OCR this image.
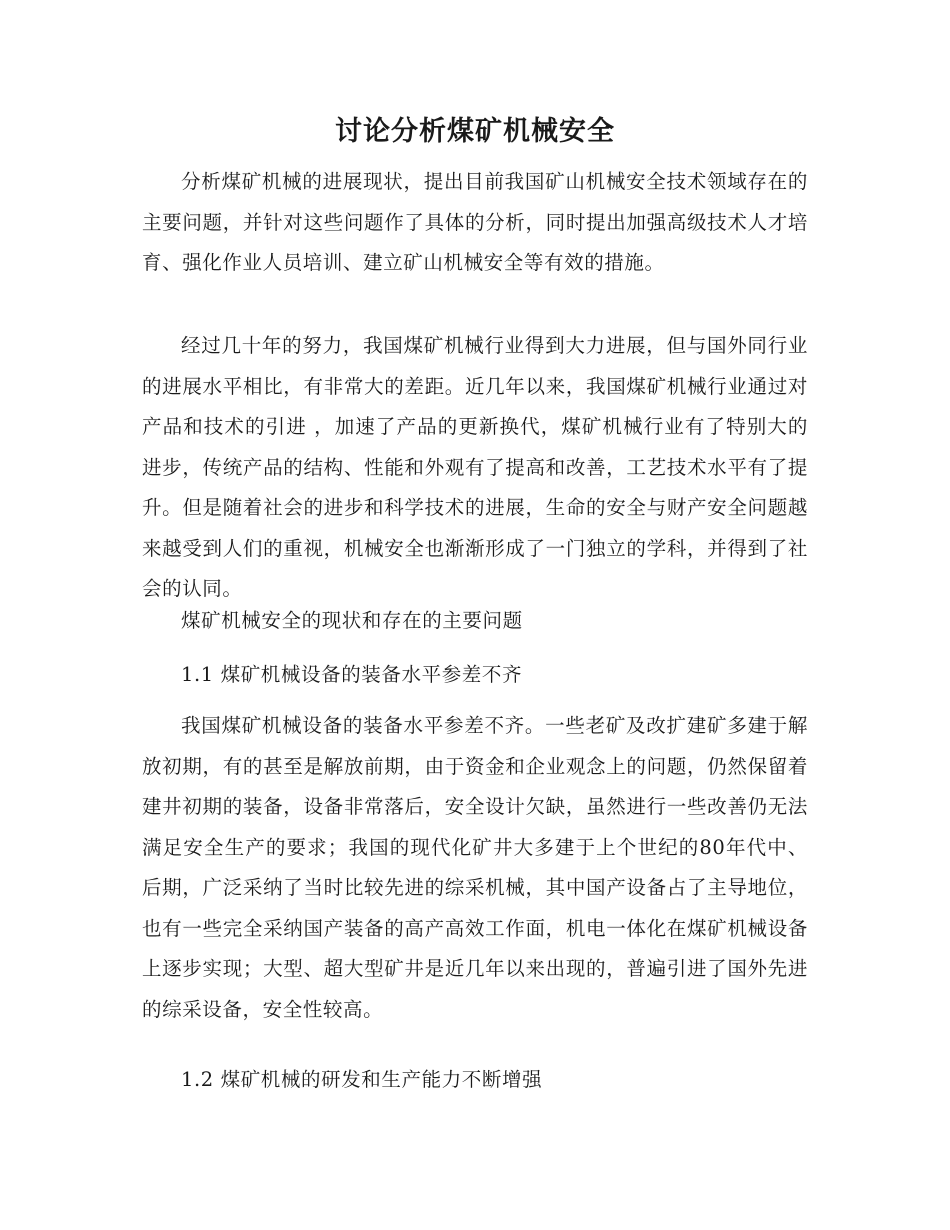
讨论分析煤矿机械安全

分析煤矿机械的进展现状，提出目前我国矿山机械安全技术领域存在的主要问题，并针对这些问题作了具体的分析，同时提出加强高级技术人才培育、强化作业人员培训、建立矿山机械安全等有效的措施。

经过几十年的努力，我国煤矿机械行业得到大力进展，但与国外同行业的进展水平相比，有非常大的差距。近几年以来，我国煤矿机械行业通过对产品和技术的引进 ，加速了产品的更新换代，煤矿机械行业有了特别大的进步，传统产品的结构、性能和外观有了提高和改善，工艺技术水平有了提升。但是随着社会的进步和科学技术的进展，生命的安全与财产安全问题越来越受到人们的重视，机械安全也渐渐形成了一门独立的学科，并得到了社会的认同。

煤矿机械安全的现状和存在的主要问题

1.1 煤矿机械设备的装备水平参差不齐

我国煤矿机械设备的装备水平参差不齐。一些老矿及改扩建矿多建于解放初期，有的甚至是解放前期，由于资金和企业观念上的问题，仍然保留着建井初期的装备，设备非常落后，安全设计欠缺，虽然进行一些改善仍无法满足安全生产的要求；我国的现代化矿井大多建于上个世纪的80年代中、后期，广泛采纳了当时比较先进的综采机械，其中国产设备占了主导地位，也有一些完全采纳国产装备的高产高效工作面，机电一体化在煤矿机械设备上逐步实现；大型、超大型矿井是近几年以来出现的，普遍引进了国外先进的综采设备，安全性较高。

1.2 煤矿机械的研发和生产能力不断增强
